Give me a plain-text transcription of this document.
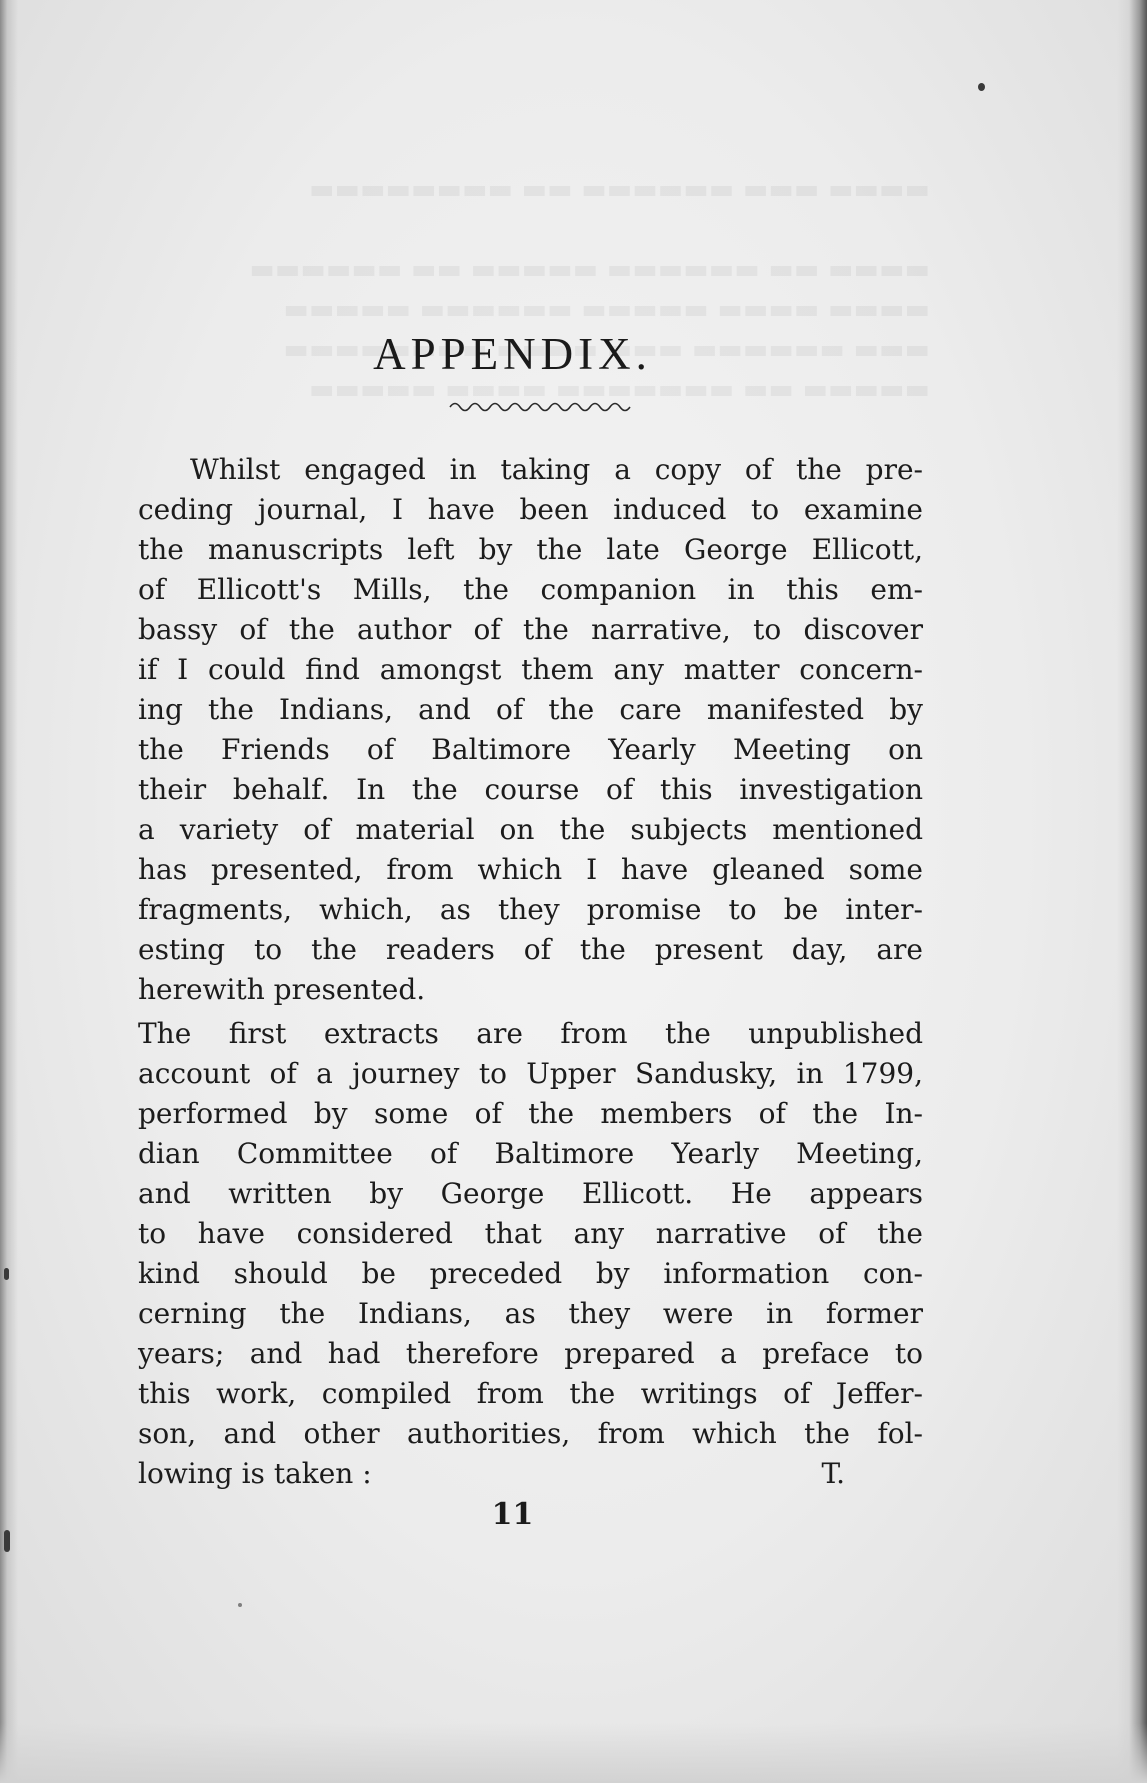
APPENDIX.
Whilst engaged in taking a copy of the pre-
ceding journal, I have been induced to examine
the manuscripts left by the late George Ellicott,
of Ellicott's Mills, the companion in this em-
bassy of the author of the narrative, to discover
if I could find amongst them any matter concern-
ing the Indians, and of the care manifested by
the Friends of Baltimore Yearly Meeting on
their behalf. In the course of this investigation
a variety of material on the subjects mentioned
has presented, from which I have gleaned some
fragments, which, as they promise to be inter-
esting to the readers of the present day, are
herewith presented.
The first extracts are from the unpublished
account of a journey to Upper Sandusky, in 1799,
performed by some of the members of the In-
dian Committee of Baltimore Yearly Meeting,
and written by George Ellicott. He appears
to have considered that any narrative of the
kind should be preceded by information con-
cerning the Indians, as they were in former
years; and had therefore prepared a preface to
this work, compiled from the writings of Jeffer-
son, and other authorities, from which the fol-
lowing is taken :	T.
11
